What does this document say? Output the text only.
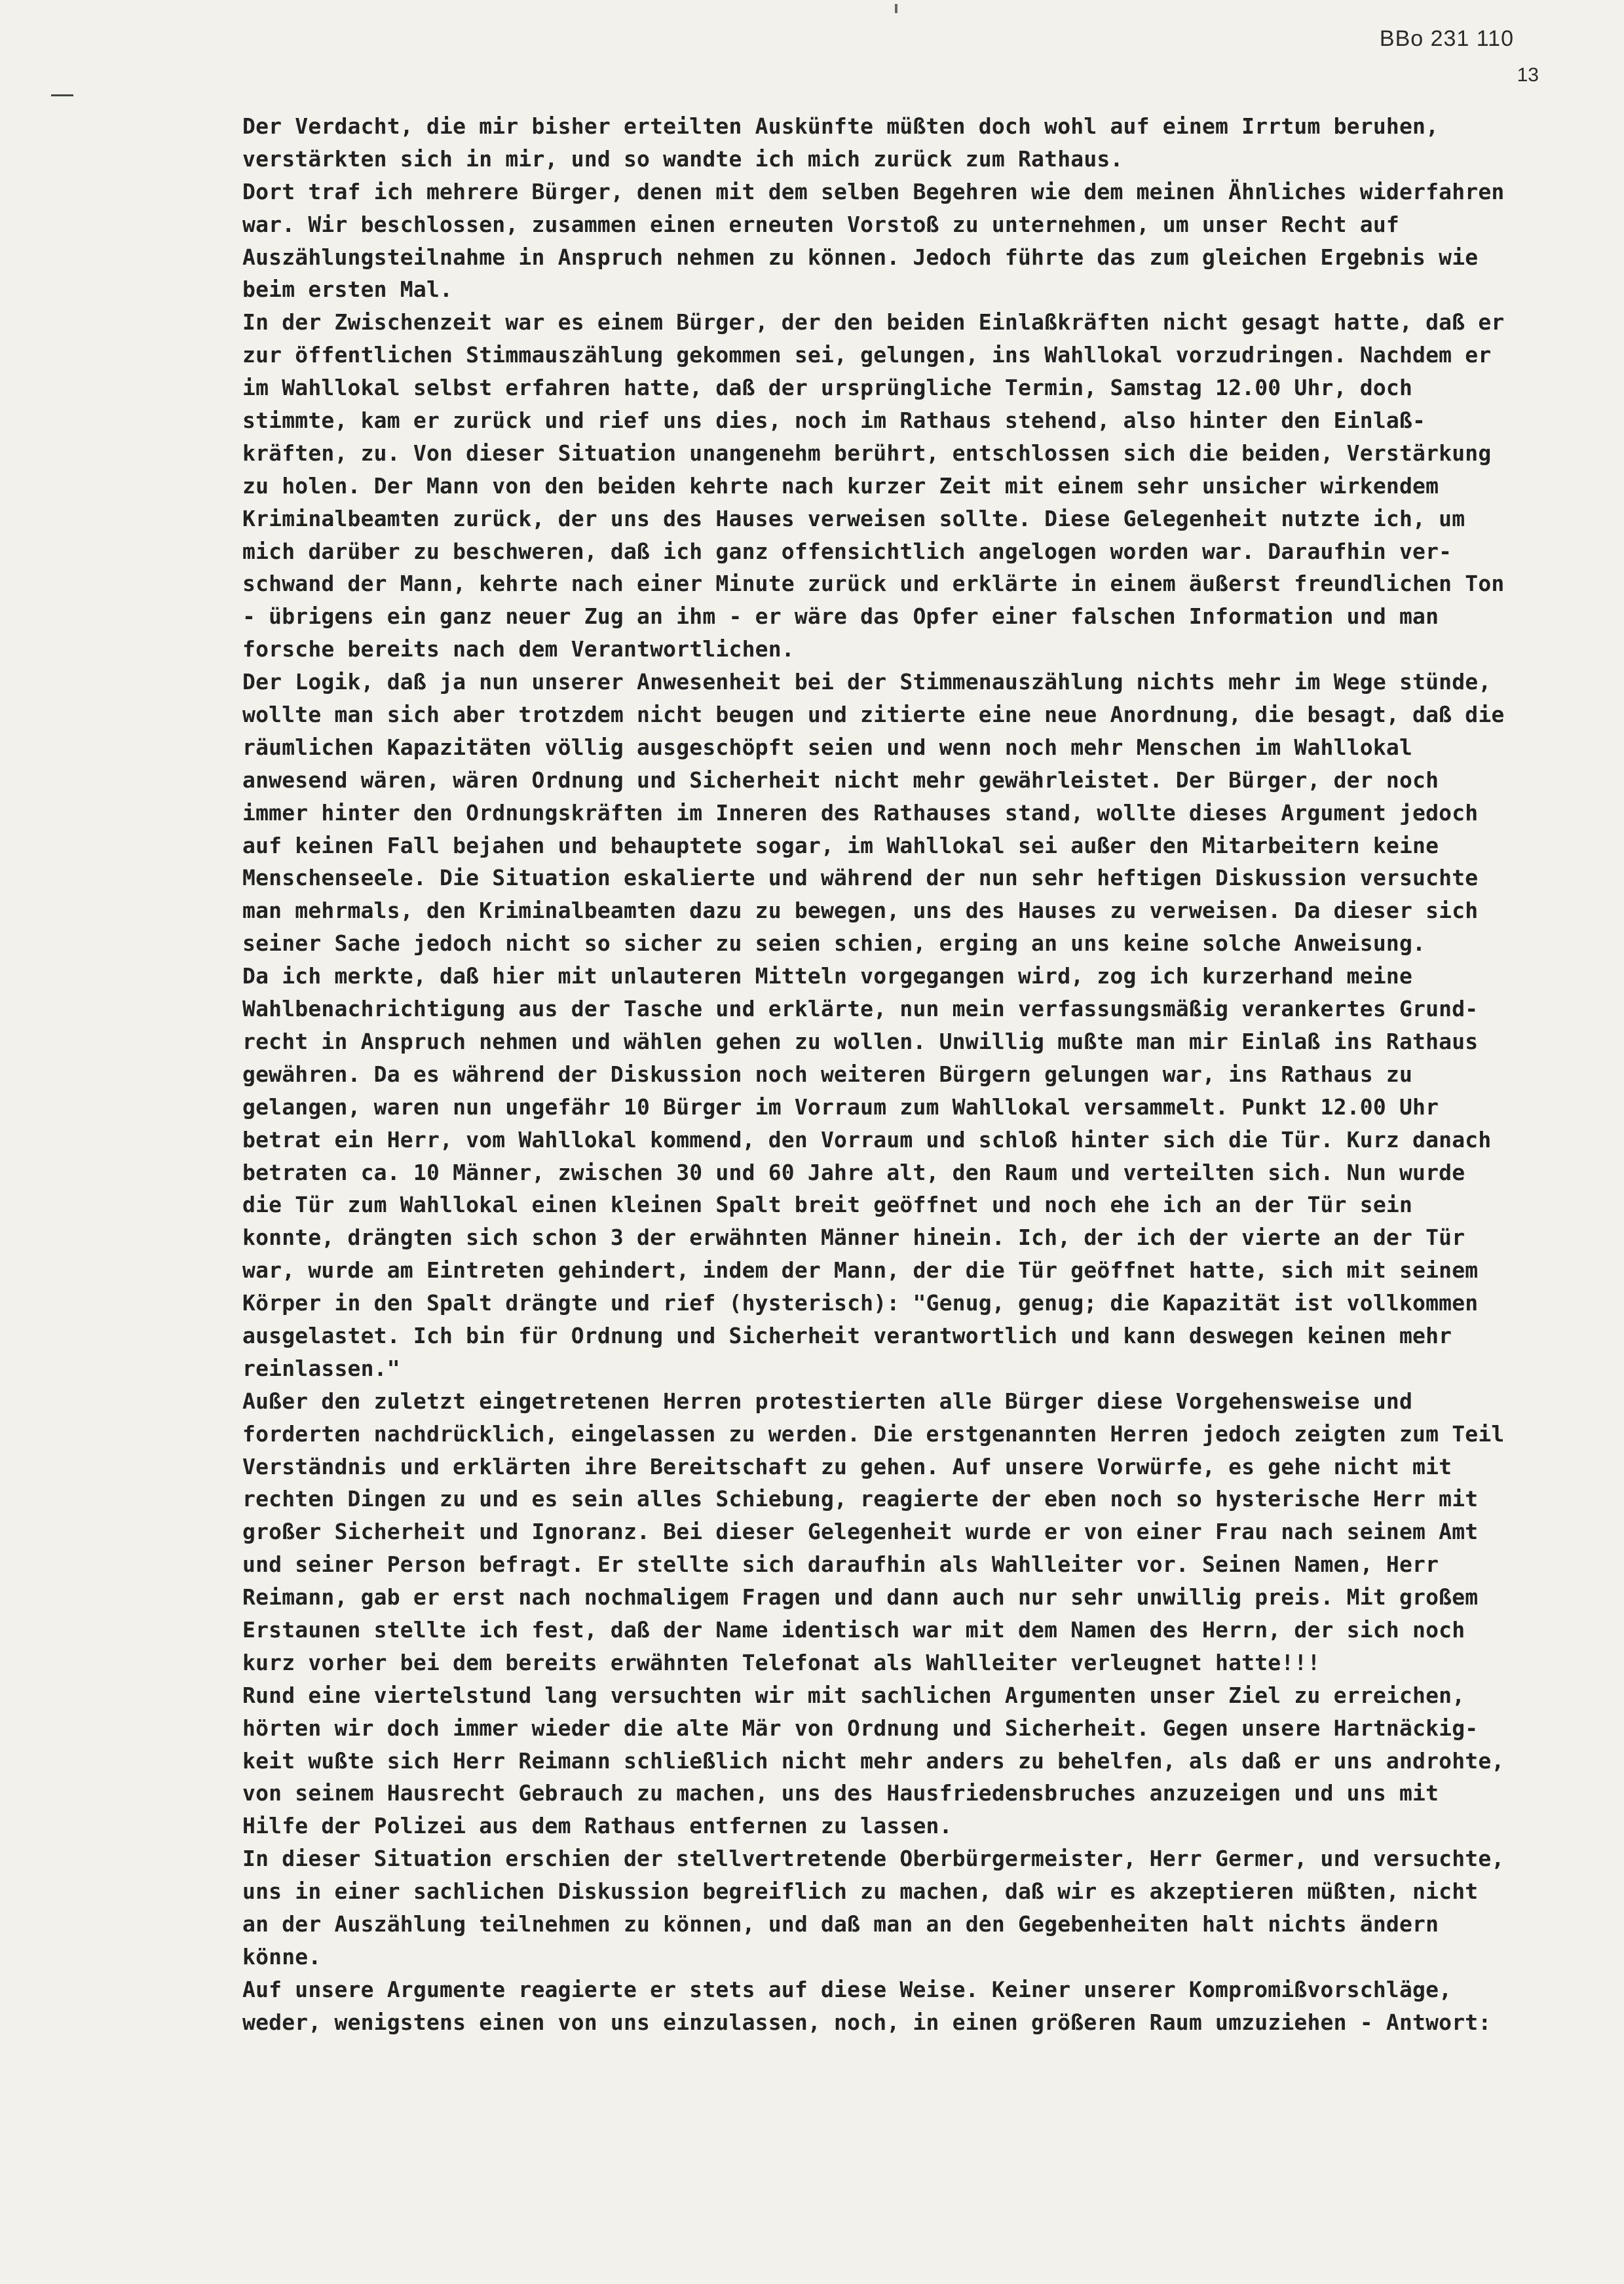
BBo 231 110
13
Der Verdacht, die mir bisher erteilten Auskünfte müßten doch wohl auf einem Irrtum beruhen,
verstärkten sich in mir, und so wandte ich mich zurück zum Rathaus.
Dort traf ich mehrere Bürger, denen mit dem selben Begehren wie dem meinen Ähnliches widerfahren
war. Wir beschlossen, zusammen einen erneuten Vorstoß zu unternehmen, um unser Recht auf
Auszählungsteilnahme in Anspruch nehmen zu können. Jedoch führte das zum gleichen Ergebnis wie
beim ersten Mal.
In der Zwischenzeit war es einem Bürger, der den beiden Einlaßkräften nicht gesagt hatte, daß er
zur öffentlichen Stimmauszählung gekommen sei, gelungen, ins Wahllokal vorzudringen. Nachdem er
im Wahllokal selbst erfahren hatte, daß der ursprüngliche Termin, Samstag 12.00 Uhr, doch
stimmte, kam er zurück und rief uns dies, noch im Rathaus stehend, also hinter den Einlaß-
kräften, zu. Von dieser Situation unangenehm berührt, entschlossen sich die beiden, Verstärkung
zu holen. Der Mann von den beiden kehrte nach kurzer Zeit mit einem sehr unsicher wirkendem
Kriminalbeamten zurück, der uns des Hauses verweisen sollte. Diese Gelegenheit nutzte ich, um
mich darüber zu beschweren, daß ich ganz offensichtlich angelogen worden war. Daraufhin ver-
schwand der Mann, kehrte nach einer Minute zurück und erklärte in einem äußerst freundlichen Ton
- übrigens ein ganz neuer Zug an ihm - er wäre das Opfer einer falschen Information und man
forsche bereits nach dem Verantwortlichen.
Der Logik, daß ja nun unserer Anwesenheit bei der Stimmenauszählung nichts mehr im Wege stünde,
wollte man sich aber trotzdem nicht beugen und zitierte eine neue Anordnung, die besagt, daß die
räumlichen Kapazitäten völlig ausgeschöpft seien und wenn noch mehr Menschen im Wahllokal
anwesend wären, wären Ordnung und Sicherheit nicht mehr gewährleistet. Der Bürger, der noch
immer hinter den Ordnungskräften im Inneren des Rathauses stand, wollte dieses Argument jedoch
auf keinen Fall bejahen und behauptete sogar, im Wahllokal sei außer den Mitarbeitern keine
Menschenseele. Die Situation eskalierte und während der nun sehr heftigen Diskussion versuchte
man mehrmals, den Kriminalbeamten dazu zu bewegen, uns des Hauses zu verweisen. Da dieser sich
seiner Sache jedoch nicht so sicher zu seien schien, erging an uns keine solche Anweisung.
Da ich merkte, daß hier mit unlauteren Mitteln vorgegangen wird, zog ich kurzerhand meine
Wahlbenachrichtigung aus der Tasche und erklärte, nun mein verfassungsmäßig verankertes Grund-
recht in Anspruch nehmen und wählen gehen zu wollen. Unwillig mußte man mir Einlaß ins Rathaus
gewähren. Da es während der Diskussion noch weiteren Bürgern gelungen war, ins Rathaus zu
gelangen, waren nun ungefähr 10 Bürger im Vorraum zum Wahllokal versammelt. Punkt 12.00 Uhr
betrat ein Herr, vom Wahllokal kommend, den Vorraum und schloß hinter sich die Tür. Kurz danach
betraten ca. 10 Männer, zwischen 30 und 60 Jahre alt, den Raum und verteilten sich. Nun wurde
die Tür zum Wahllokal einen kleinen Spalt breit geöffnet und noch ehe ich an der Tür sein
konnte, drängten sich schon 3 der erwähnten Männer hinein. Ich, der ich der vierte an der Tür
war, wurde am Eintreten gehindert, indem der Mann, der die Tür geöffnet hatte, sich mit seinem
Körper in den Spalt drängte und rief (hysterisch): "Genug, genug; die Kapazität ist vollkommen
ausgelastet. Ich bin für Ordnung und Sicherheit verantwortlich und kann deswegen keinen mehr
reinlassen."
Außer den zuletzt eingetretenen Herren protestierten alle Bürger diese Vorgehensweise und
forderten nachdrücklich, eingelassen zu werden. Die erstgenannten Herren jedoch zeigten zum Teil
Verständnis und erklärten ihre Bereitschaft zu gehen. Auf unsere Vorwürfe, es gehe nicht mit
rechten Dingen zu und es sein alles Schiebung, reagierte der eben noch so hysterische Herr mit
großer Sicherheit und Ignoranz. Bei dieser Gelegenheit wurde er von einer Frau nach seinem Amt
und seiner Person befragt. Er stellte sich daraufhin als Wahlleiter vor. Seinen Namen, Herr
Reimann, gab er erst nach nochmaligem Fragen und dann auch nur sehr unwillig preis. Mit großem
Erstaunen stellte ich fest, daß der Name identisch war mit dem Namen des Herrn, der sich noch
kurz vorher bei dem bereits erwähnten Telefonat als Wahlleiter verleugnet hatte!!!
Rund eine viertelstund lang versuchten wir mit sachlichen Argumenten unser Ziel zu erreichen,
hörten wir doch immer wieder die alte Mär von Ordnung und Sicherheit. Gegen unsere Hartnäckig-
keit wußte sich Herr Reimann schließlich nicht mehr anders zu behelfen, als daß er uns androhte,
von seinem Hausrecht Gebrauch zu machen, uns des Hausfriedensbruches anzuzeigen und uns mit
Hilfe der Polizei aus dem Rathaus entfernen zu lassen.
In dieser Situation erschien der stellvertretende Oberbürgermeister, Herr Germer, und versuchte,
uns in einer sachlichen Diskussion begreiflich zu machen, daß wir es akzeptieren müßten, nicht
an der Auszählung teilnehmen zu können, und daß man an den Gegebenheiten halt nichts ändern
könne.
Auf unsere Argumente reagierte er stets auf diese Weise. Keiner unserer Kompromißvorschläge,
weder, wenigstens einen von uns einzulassen, noch, in einen größeren Raum umzuziehen - Antwort:
